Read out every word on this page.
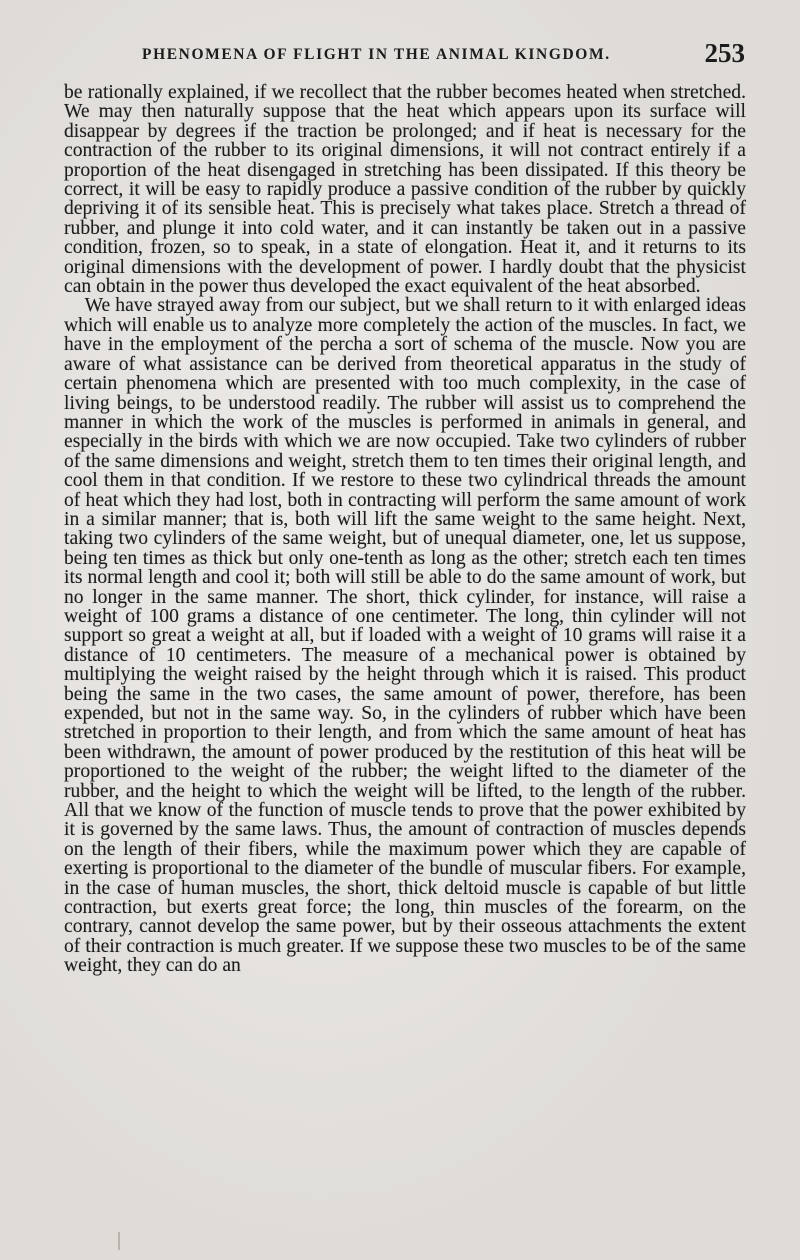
PHENOMENA OF FLIGHT IN THE ANIMAL KINGDOM.	253

be rationally explained, if we recollect that the rubber becomes heated when stretched. We may then naturally suppose that the heat which appears upon its surface will disappear by degrees if the traction be prolonged; and if heat is necessary for the contraction of the rubber to its original dimensions, it will not contract entirely if a proportion of the heat disengaged in stretching has been dissipated. If this theory be correct, it will be easy to rapidly produce a passive condition of the rubber by quickly depriving it of its sensible heat. This is precisely what takes place. Stretch a thread of rubber, and plunge it into cold water, and it can instantly be taken out in a passive condition, frozen, so to speak, in a state of elongation. Heat it, and it returns to its original dimensions with the development of power. I hardly doubt that the physicist can obtain in the power thus developed the exact equivalent of the heat absorbed.

We have strayed away from our subject, but we shall return to it with enlarged ideas which will enable us to analyze more completely the action of the muscles. In fact, we have in the employment of the percha a sort of schema of the muscle. Now you are aware of what assistance can be derived from theoretical apparatus in the study of certain phenomena which are presented with too much complexity, in the case of living beings, to be understood readily. The rubber will assist us to comprehend the manner in which the work of the muscles is performed in animals in general, and especially in the birds with which we are now occupied. Take two cylinders of rubber of the same dimensions and weight, stretch them to ten times their original length, and cool them in that condition. If we restore to these two cylindrical threads the amount of heat which they had lost, both in contracting will perform the same amount of work in a similar manner; that is, both will lift the same weight to the same height. Next, taking two cylinders of the same weight, but of unequal diameter, one, let us suppose, being ten times as thick but only one-tenth as long as the other; stretch each ten times its normal length and cool it; both will still be able to do the same amount of work, but no longer in the same manner. The short, thick cylinder, for instance, will raise a weight of 100 grams a distance of one centimeter. The long, thin cylinder will not support so great a weight at all, but if loaded with a weight of 10 grams will raise it a distance of 10 centimeters. The measure of a mechanical power is obtained by multiplying the weight raised by the height through which it is raised. This product being the same in the two cases, the same amount of power, therefore, has been expended, but not in the same way. So, in the cylinders of rubber which have been stretched in proportion to their length, and from which the same amount of heat has been withdrawn, the amount of power produced by the restitution of this heat will be proportioned to the weight of the rubber; the weight lifted to the diameter of the rubber, and the height to which the weight will be lifted, to the length of the rubber. All that we know of the function of muscle tends to prove that the power exhibited by it is governed by the same laws. Thus, the amount of contraction of muscles depends on the length of their fibers, while the maximum power which they are capable of exerting is proportional to the diameter of the bundle of muscular fibers. For example, in the case of human muscles, the short, thick deltoid muscle is capable of but little contraction, but exerts great force; the long, thin muscles of the forearm, on the contrary, cannot develop the same power, but by their osseous attachments the extent of their contraction is much greater. If we suppose these two muscles to be of the same weight, they can do an
